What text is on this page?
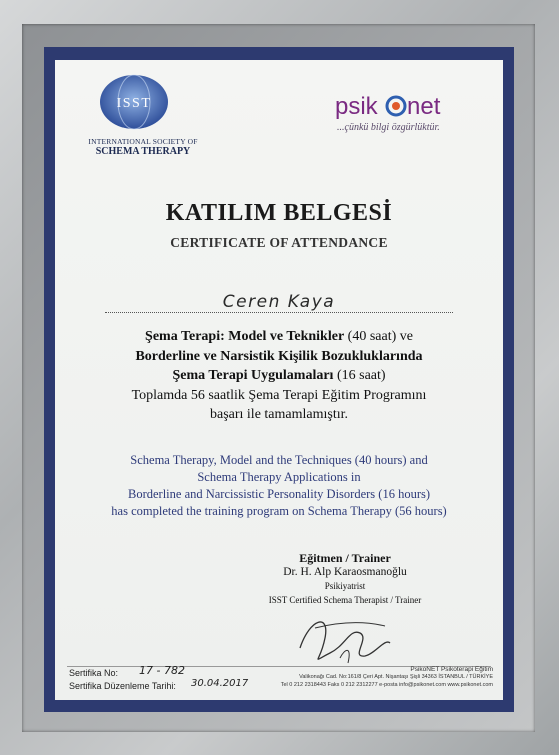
ISST
INTERNATIONAL SOCIETY OF
SCHEMA THERAPY
psik net
...çünkü bilgi özgürlüktür.
KATILIM BELGESİ
CERTIFICATE OF ATTENDANCE
Ceren Kaya
Şema Terapi: Model ve Teknikler (40 saat) ve
Borderline ve Narsistik Kişilik Bozukluklarında
Şema Terapi Uygulamaları (16 saat)
Toplamda 56 saatlik Şema Terapi Eğitim Programını
başarı ile tamamlamıştır.
Schema Therapy, Model and the Techniques (40 hours) and
Schema Therapy Applications in
Borderline and Narcissistic Personality Disorders (16 hours)
has completed the training program on Schema Therapy (56 hours)
Eğitmen / Trainer
Dr. H. Alp Karaosmanoğlu
Psikiyatrist
ISST Certified Schema Therapist / Trainer
Sertifika No: 17 - 782
Sertifika Düzenleme Tarihi: 30.04.2017
PsikoNET Psikoterapi Eğitim
Valikonağı Cad. No:161/8 Çeri Apt. Nişantaşı Şişli 34363 İSTANBUL / TÜRKİYE
Tel 0 212 2318443 Faks 0 212 2312277 e-posta info@psikonet.com www.psikonet.com
